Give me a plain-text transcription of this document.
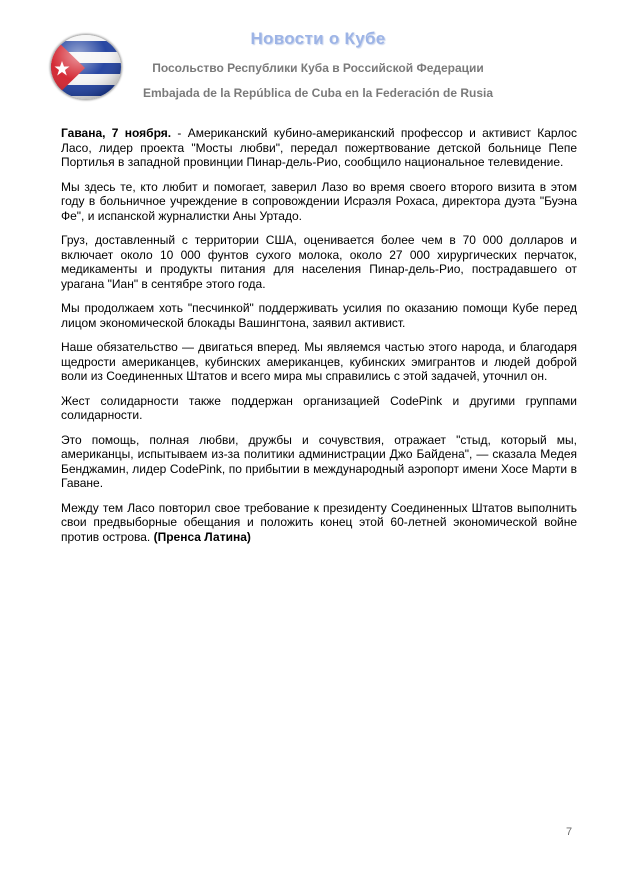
Новости о Кубе
Посольство Республики Куба в Российской Федерации
Embajada de la República de Cuba en la Federación de Rusia

Гавана, 7 ноября. - Американский кубино-американский профессор и активист Карлос Ласо, лидер проекта "Мосты любви", передал пожертвование детской больнице Пепе Портилья в западной провинции Пинар-дель-Рио, сообщило национальное телевидение.

Мы здесь те, кто любит и помогает, заверил Лазо во время своего второго визита в этом году в больничное учреждение в сопровождении Исраэля Рохаса, директора дуэта "Буэна Фе", и испанской журналистки Аны Уртадо.

Груз, доставленный с территории США, оценивается более чем в 70 000 долларов и включает около 10 000 фунтов сухого молока, около 27 000 хирургических перчаток, медикаменты и продукты питания для населения Пинар-дель-Рио, пострадавшего от урагана "Иан" в сентябре этого года.

Мы продолжаем хоть "песчинкой" поддерживать усилия по оказанию помощи Кубе перед лицом экономической блокады Вашингтона, заявил активист.

Наше обязательство — двигаться вперед. Мы являемся частью этого народа, и благодаря щедрости американцев, кубинских американцев, кубинских эмигрантов и людей доброй воли из Соединенных Штатов и всего мира мы справились с этой задачей, уточнил он.

Жест солидарности также поддержан организацией CodePink и другими группами солидарности.

Это помощь, полная любви, дружбы и сочувствия, отражает "стыд, который мы, американцы, испытываем из-за политики администрации Джо Байдена", — сказала Медея Бенджамин, лидер CodePink, по прибытии в международный аэропорт имени Хосе Марти в Гаване.

Между тем Ласо повторил свое требование к президенту Соединенных Штатов выполнить свои предвыборные обещания и положить конец этой 60-летней экономической войне против острова. (Пренса Латина)

7
